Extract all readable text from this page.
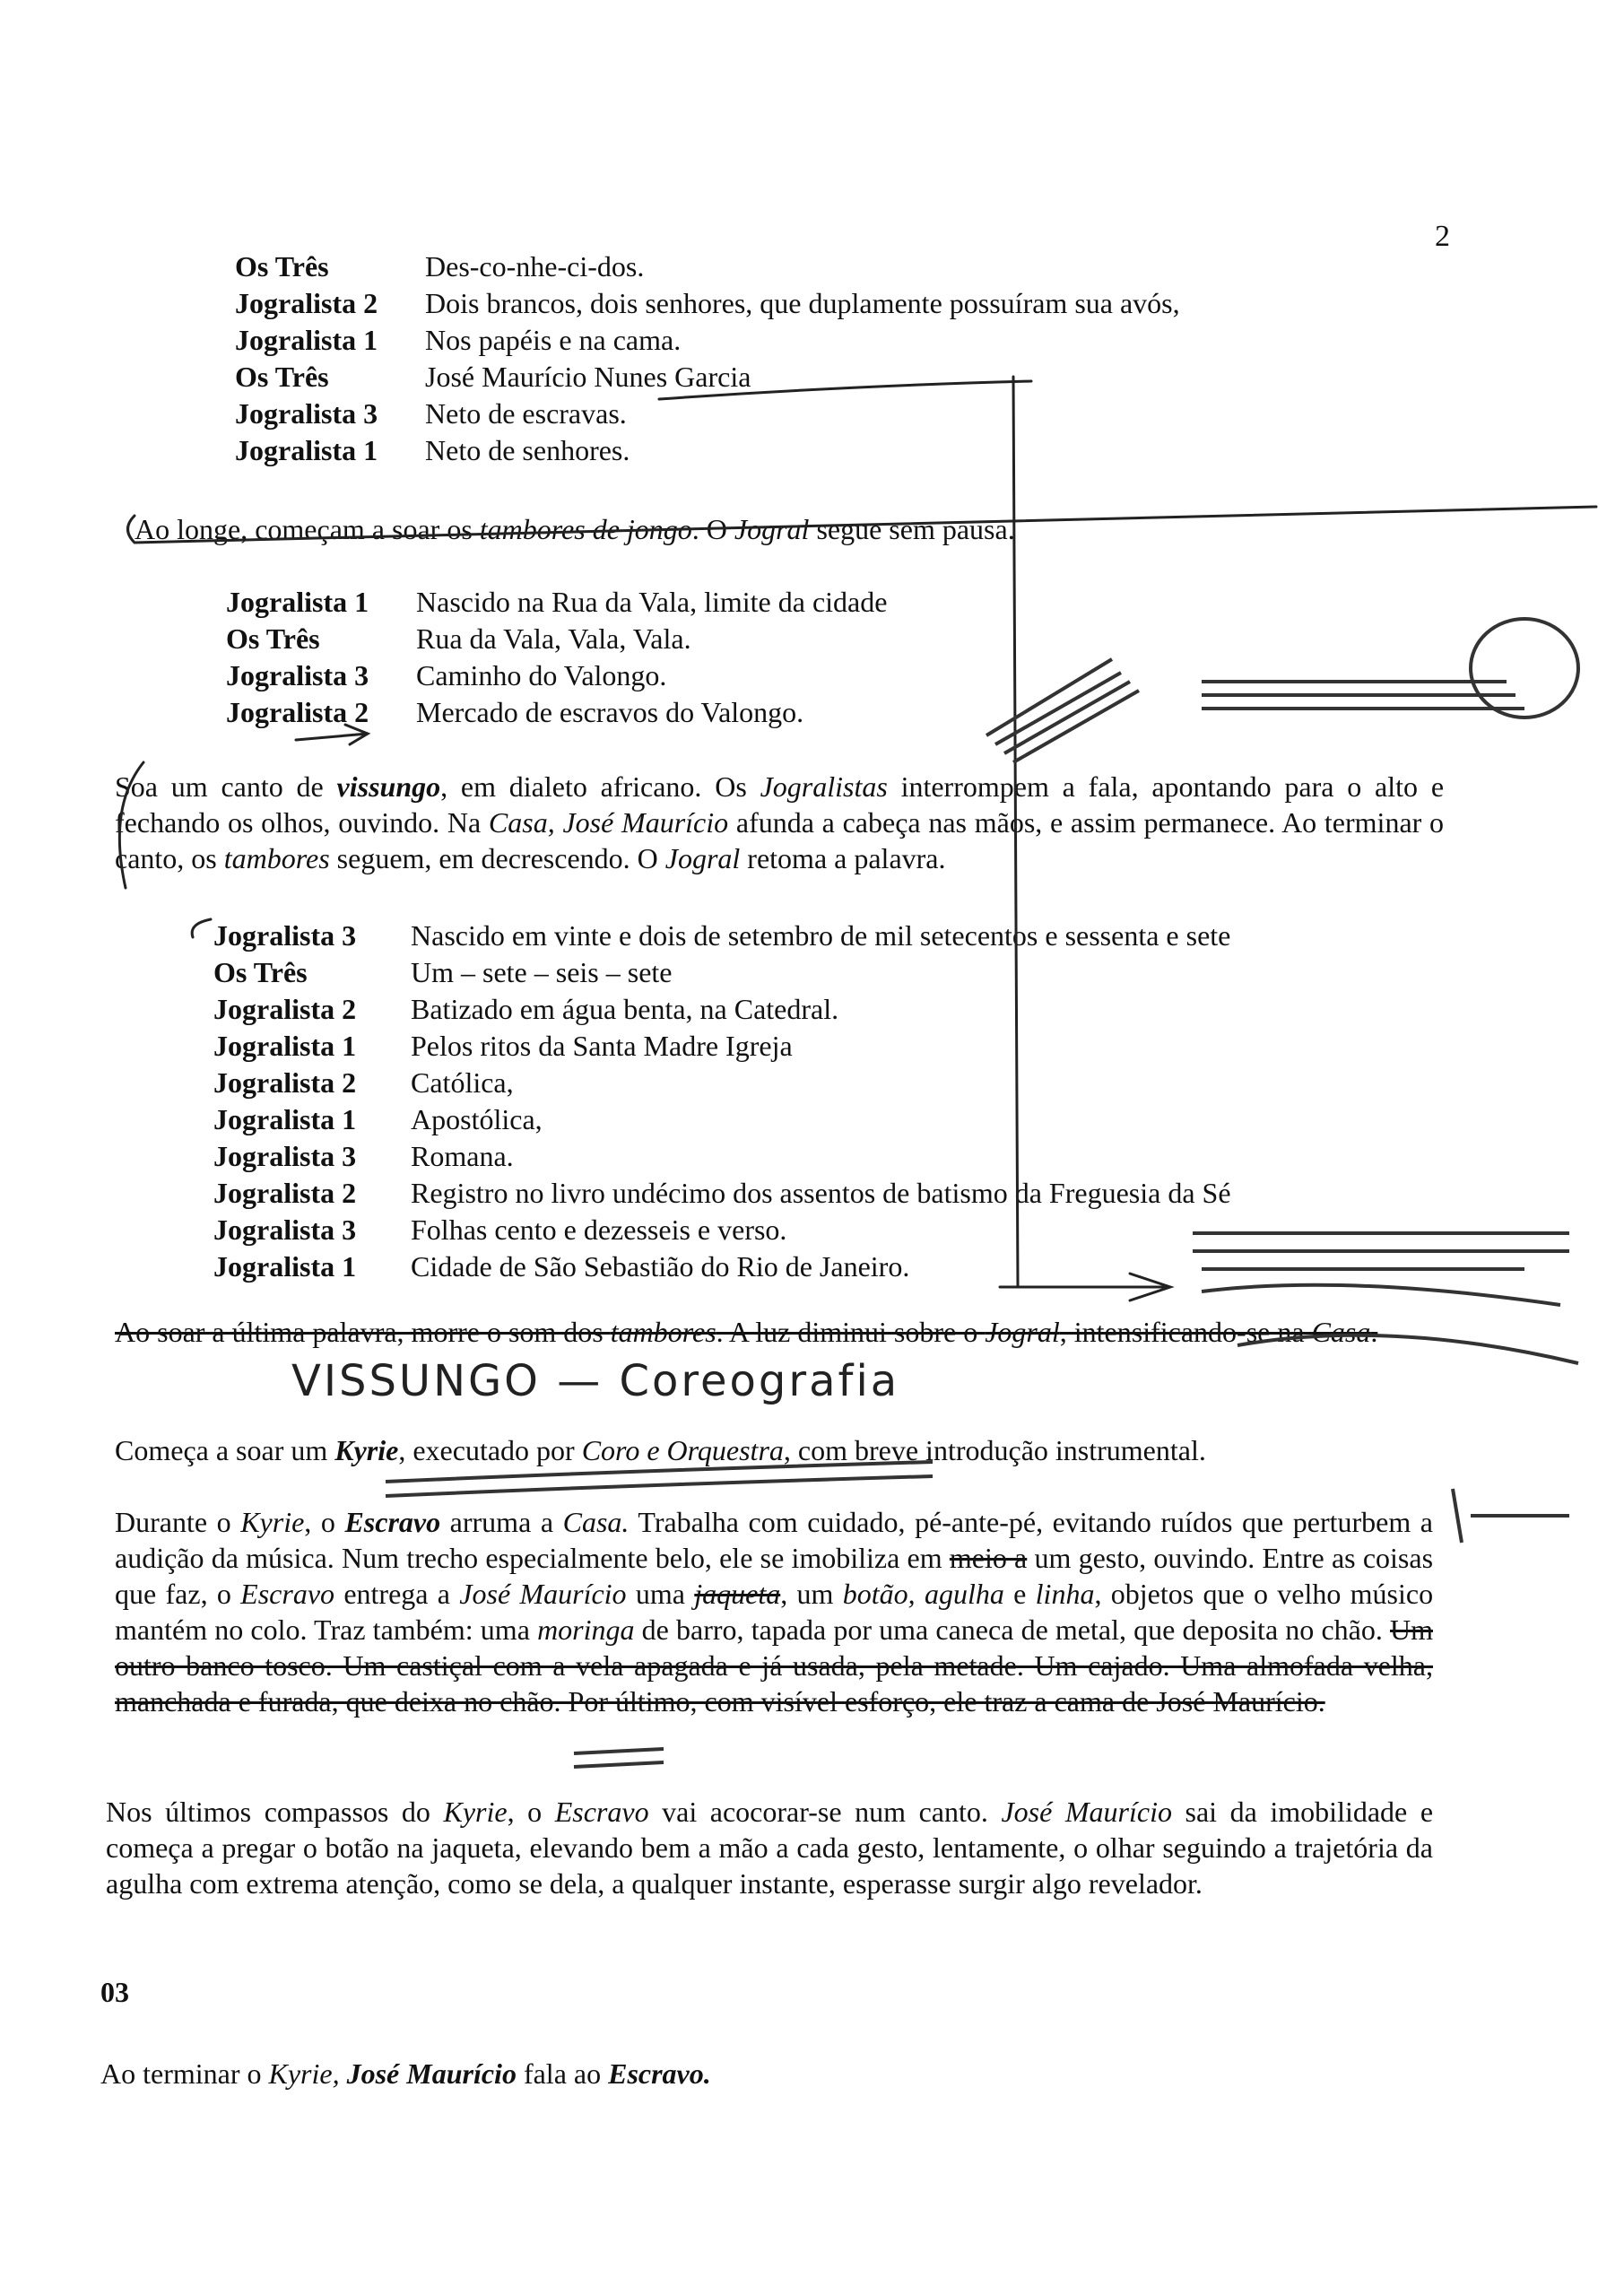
2
Os Três	Des-co-nhe-ci-dos.
Jogralista 2	Dois brancos, dois senhores, que duplamente possuíram sua avós,
Jogralista 1	Nos papéis e na cama.
Os Três	José Maurício Nunes Garcia
Jogralista 3	Neto de escravas.
Jogralista 1	Neto de senhores.

Ao longe, começam a soar os tambores de jongo. O Jogral segue sem pausa.

Jogralista 1	Nascido na Rua da Vala, limite da cidade
Os Três	Rua da Vala, Vala, Vala.
Jogralista 3	Caminho do Valongo.
Jogralista 2	Mercado de escravos do Valongo.

Soa um canto de vissungo, em dialeto africano. Os Jogralistas interrompem a fala, apontando para o alto e fechando os olhos, ouvindo. Na Casa, José Maurício afunda a cabeça nas mãos, e assim permanece. Ao terminar o canto, os tambores seguem, em decrescendo. O Jogral retoma a palavra.

Jogralista 3	Nascido em vinte e dois de setembro de mil setecentos e sessenta e sete
Os Três	Um – sete – seis – sete
Jogralista 2	Batizado em água benta, na Catedral.
Jogralista 1	Pelos ritos da Santa Madre Igreja
Jogralista 2	Católica,
Jogralista 1	Apostólica,
Jogralista 3	Romana.
Jogralista 2	Registro no livro undécimo dos assentos de batismo da Freguesia da Sé
Jogralista 3	Folhas cento e dezesseis e verso.
Jogralista 1	Cidade de São Sebastião do Rio de Janeiro.

Ao soar a última palavra, morre o som dos tambores. A luz diminui sobre o Jogral, intensificando-se na Casa.

VISSUNGO — Coreografia

Começa a soar um Kyrie, executado por Coro e Orquestra, com breve introdução instrumental.

Durante o Kyrie, o Escravo arruma a Casa. Trabalha com cuidado, pé-ante-pé, evitando ruídos que perturbem a audição da música. Num trecho especialmente belo, ele se imobiliza em meio a um gesto, ouvindo. Entre as coisas que faz, o Escravo entrega a José Maurício uma jaqueta, um botão, agulha e linha, objetos que o velho músico mantém no colo. Traz também: uma moringa de barro, tapada por uma caneca de metal, que deposita no chão. Um outro banco tosco. Um castiçal com a vela apagada e já usada, pela metade. Um cajado. Uma almofada velha, manchada e furada, que deixa no chão. Por último, com visível esforço, ele traz a cama de José Maurício.

Nos últimos compassos do Kyrie, o Escravo vai acocorar-se num canto. José Maurício sai da imobilidade e começa a pregar o botão na jaqueta, elevando bem a mão a cada gesto, lentamente, o olhar seguindo a trajetória da agulha com extrema atenção, como se dela, a qualquer instante, esperasse surgir algo revelador.

03

Ao terminar o Kyrie, José Maurício fala ao Escravo.
